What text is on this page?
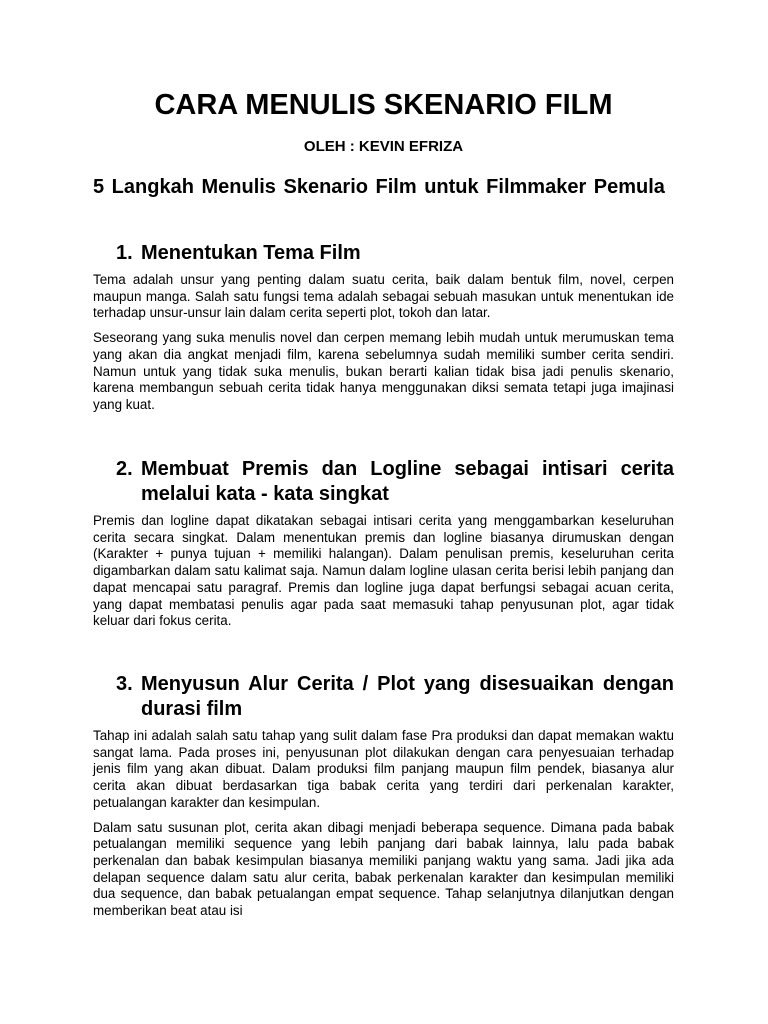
CARA MENULIS SKENARIO FILM

OLEH : KEVIN EFRIZA

5 Langkah Menulis Skenario Film untuk Filmmaker Pemula
1. Menentukan Tema Film

Tema adalah unsur yang penting dalam suatu cerita, baik dalam bentuk film, novel, cerpen maupun manga. Salah satu fungsi tema adalah sebagai sebuah masukan untuk menentukan ide terhadap unsur-unsur lain dalam cerita seperti plot, tokoh dan latar.

Seseorang yang suka menulis novel dan cerpen memang lebih mudah untuk merumuskan tema yang akan dia angkat menjadi film, karena sebelumnya sudah memiliki sumber cerita sendiri. Namun untuk yang tidak suka menulis, bukan berarti kalian tidak bisa jadi penulis skenario, karena membangun sebuah cerita tidak hanya menggunakan diksi semata tetapi juga imajinasi yang kuat.

2. Membuat Premis dan Logline sebagai intisari cerita melalui kata - kata singkat

Premis dan logline dapat dikatakan sebagai intisari cerita yang menggambarkan keseluruhan cerita secara singkat. Dalam menentukan premis dan logline biasanya dirumuskan dengan (Karakter + punya tujuan + memiliki halangan). Dalam penulisan premis, keseluruhan cerita digambarkan dalam satu kalimat saja. Namun dalam logline ulasan cerita berisi lebih panjang dan dapat mencapai satu paragraf. Premis dan logline juga dapat berfungsi sebagai acuan cerita, yang dapat membatasi penulis agar pada saat memasuki tahap penyusunan plot, agar tidak keluar dari fokus cerita.

3. Menyusun Alur Cerita / Plot yang disesuaikan dengan durasi film

Tahap ini adalah salah satu tahap yang sulit dalam fase Pra produksi dan dapat memakan waktu sangat lama. Pada proses ini, penyusunan plot dilakukan dengan cara penyesuaian terhadap jenis film yang akan dibuat. Dalam produksi film panjang maupun film pendek, biasanya alur cerita akan dibuat berdasarkan tiga babak cerita yang terdiri dari perkenalan karakter, petualangan karakter dan kesimpulan.

Dalam satu susunan plot, cerita akan dibagi menjadi beberapa sequence. Dimana pada babak petualangan memiliki sequence yang lebih panjang dari babak lainnya, lalu pada babak perkenalan dan babak kesimpulan biasanya memiliki panjang waktu yang sama. Jadi jika ada delapan sequence dalam satu alur cerita, babak perkenalan karakter dan kesimpulan memiliki dua sequence, dan babak petualangan empat sequence. Tahap selanjutnya dilanjutkan dengan memberikan beat atau isi
